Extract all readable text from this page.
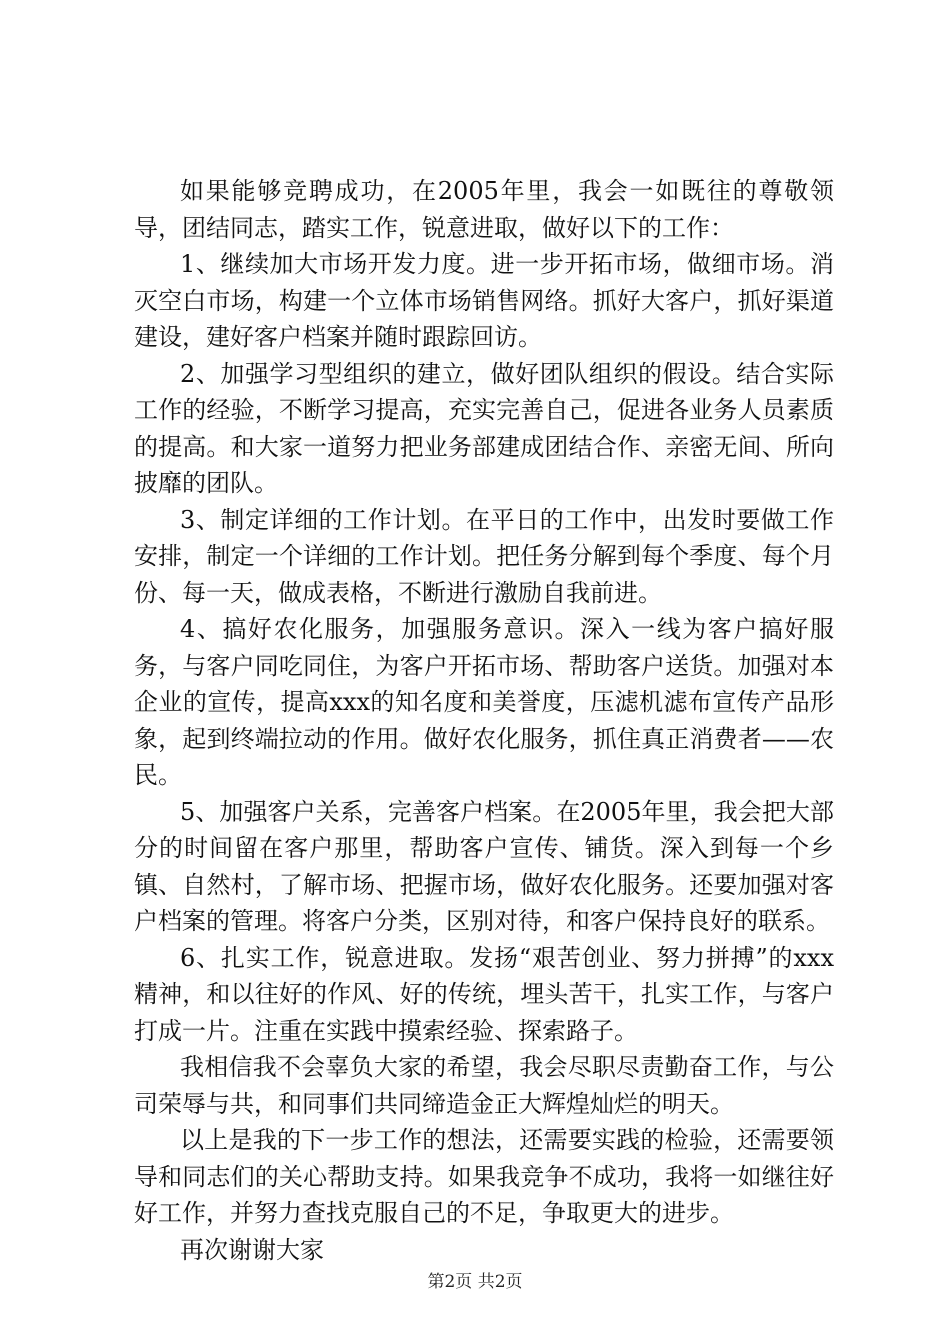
如果能够竞聘成功，在2005年里，我会一如既往的尊敬领导，团结同志，踏实工作，锐意进取，做好以下的工作：

1、继续加大市场开发力度。进一步开拓市场，做细市场。消灭空白市场，构建一个立体市场销售网络。抓好大客户，抓好渠道建设，建好客户档案并随时跟踪回访。

2、加强学习型组织的建立，做好团队组织的假设。结合实际工作的经验，不断学习提高，充实完善自己，促进各业务人员素质的提高。和大家一道努力把业务部建成团结合作、亲密无间、所向披靡的团队。

3、制定详细的工作计划。在平日的工作中，出发时要做工作安排，制定一个详细的工作计划。把任务分解到每个季度、每个月份、每一天，做成表格，不断进行激励自我前进。

4、搞好农化服务，加强服务意识。深入一线为客户搞好服务，与客户同吃同住，为客户开拓市场、帮助客户送货。加强对本企业的宣传，提高xxx的知名度和美誉度，压滤机滤布宣传产品形象，起到终端拉动的作用。做好农化服务，抓住真正消费者——农民。

5、加强客户关系，完善客户档案。在2005年里，我会把大部分的时间留在客户那里，帮助客户宣传、铺货。深入到每一个乡镇、自然村，了解市场、把握市场，做好农化服务。还要加强对客户档案的管理。将客户分类，区别对待，和客户保持良好的联系。

6、扎实工作，锐意进取。发扬“艰苦创业、努力拼搏”的xxx精神，和以往好的作风、好的传统，埋头苦干，扎实工作，与客户打成一片。注重在实践中摸索经验、探索路子。

我相信我不会辜负大家的希望，我会尽职尽责勤奋工作，与公司荣辱与共，和同事们共同缔造金正大辉煌灿烂的明天。

以上是我的下一步工作的想法，还需要实践的检验，还需要领导和同志们的关心帮助支持。如果我竞争不成功，我将一如继往好好工作，并努力查找克服自己的不足，争取更大的进步。

再次谢谢大家

第2页 共2页
